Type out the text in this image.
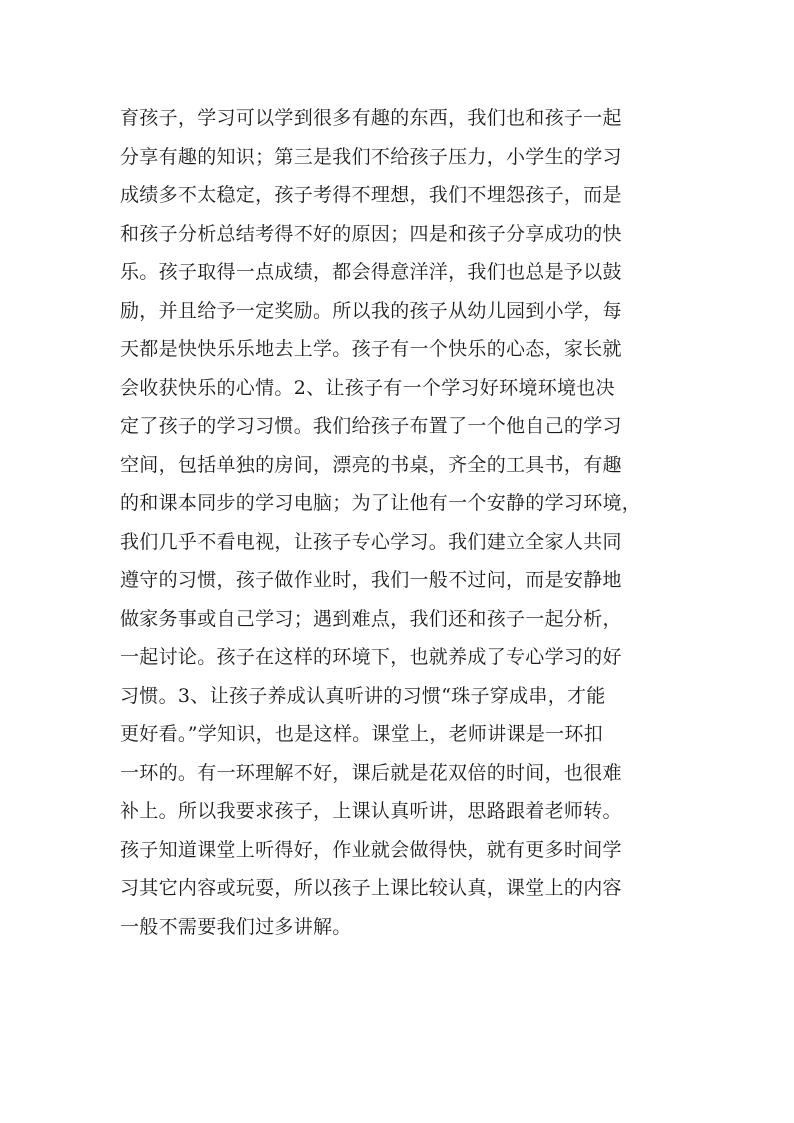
育孩子，学习可以学到很多有趣的东西，我们也和孩子一起
分享有趣的知识；第三是我们不给孩子压力，小学生的学习
成绩多不太稳定，孩子考得不理想，我们不埋怨孩子，而是
和孩子分析总结考得不好的原因；四是和孩子分享成功的快
乐。孩子取得一点成绩，都会得意洋洋，我们也总是予以鼓
励，并且给予一定奖励。所以我的孩子从幼儿园到小学，每
天都是快快乐乐地去上学。孩子有一个快乐的心态，家长就
会收获快乐的心情。2、让孩子有一个学习好环境环境也决
定了孩子的学习习惯。我们给孩子布置了一个他自己的学习
空间，包括单独的房间，漂亮的书桌，齐全的工具书，有趣
的和课本同步的学习电脑；为了让他有一个安静的学习环境，
我们几乎不看电视，让孩子专心学习。我们建立全家人共同
遵守的习惯，孩子做作业时，我们一般不过问，而是安静地
做家务事或自己学习；遇到难点，我们还和孩子一起分析，
一起讨论。孩子在这样的环境下，也就养成了专心学习的好
习惯。3、让孩子养成认真听讲的习惯“珠子穿成串，才能
更好看。”学知识，也是这样。课堂上，老师讲课是一环扣
一环的。有一环理解不好，课后就是花双倍的时间，也很难
补上。所以我要求孩子，上课认真听讲，思路跟着老师转。
孩子知道课堂上听得好，作业就会做得快，就有更多时间学
习其它内容或玩耍，所以孩子上课比较认真，课堂上的内容
一般不需要我们过多讲解。
